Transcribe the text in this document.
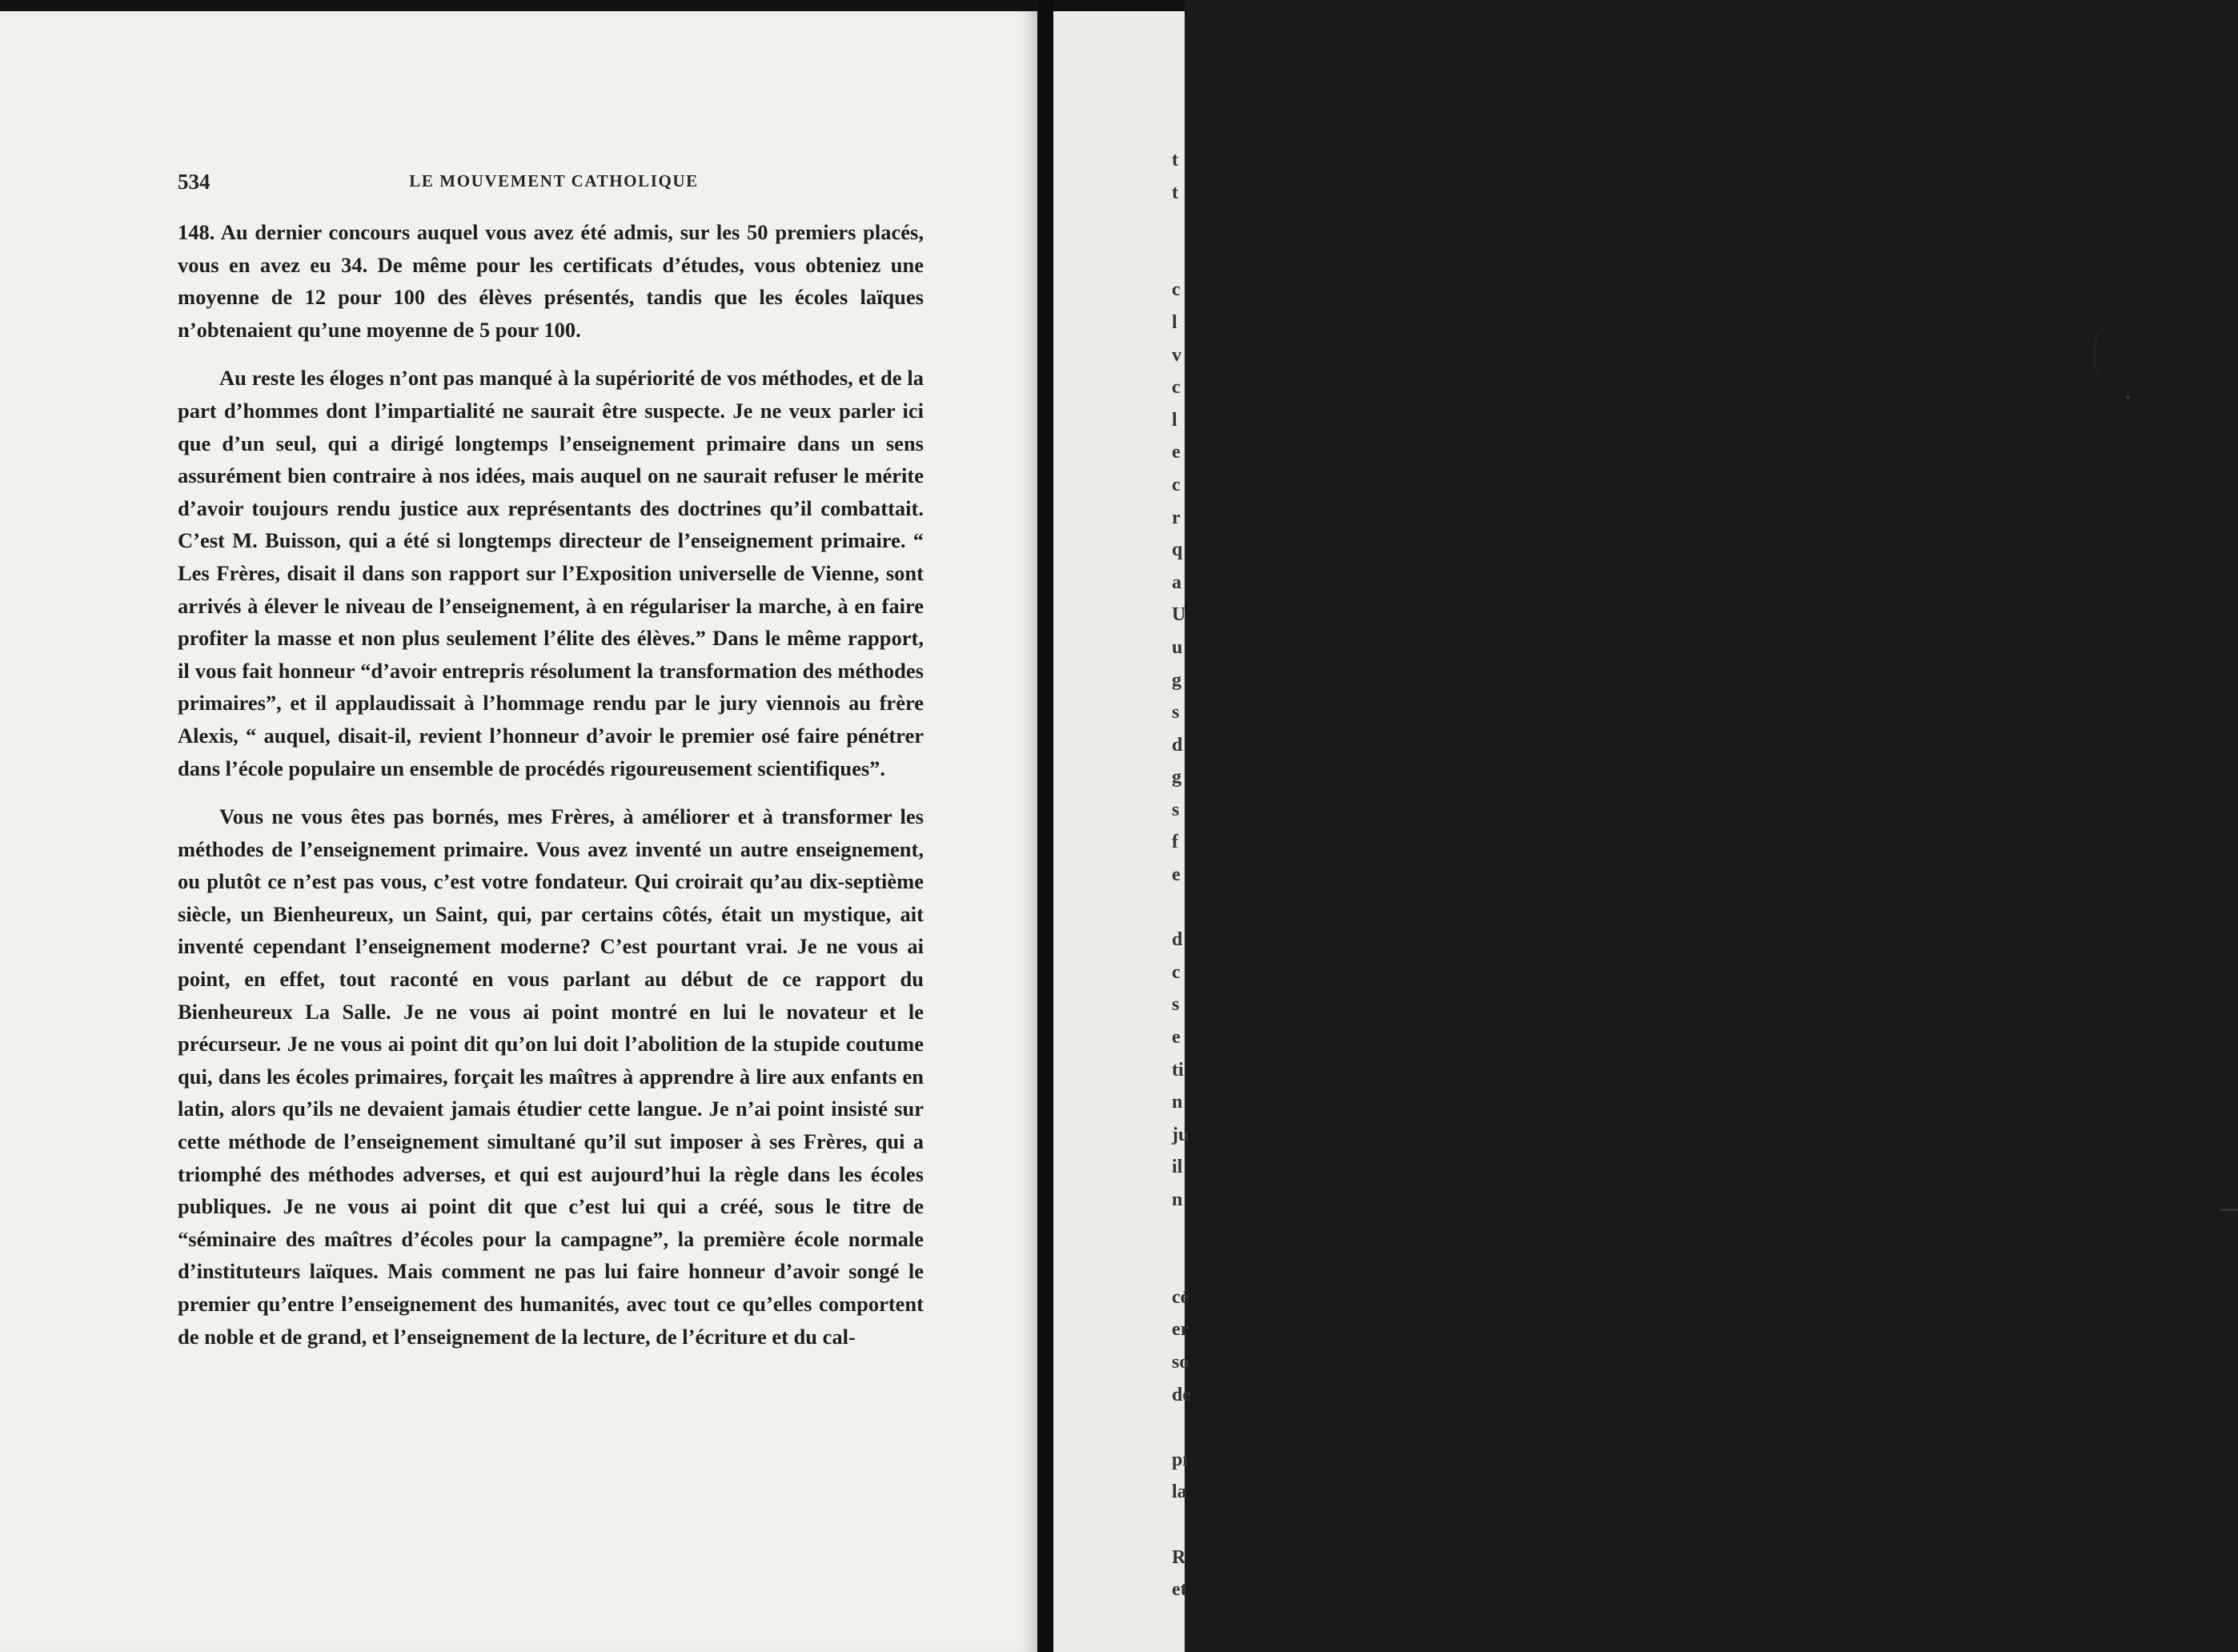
534	LE MOUVEMENT CATHOLIQUE

148. Au dernier concours auquel vous avez été admis, sur les 50 premiers placés, vous en avez eu 34. De même pour les certificats d’études, vous obteniez une moyenne de 12 pour 100 des élèves présentés, tandis que les écoles laïques n’obtenaient qu’une moyenne de 5 pour 100.

Au reste les éloges n’ont pas manqué à la supériorité de vos méthodes, et de la part d’hommes dont l’impartialité ne saurait être suspecte. Je ne veux parler ici que d’un seul, qui a dirigé longtemps l’enseignement primaire dans un sens assurément bien contraire à nos idées, mais auquel on ne saurait refuser le mérite d’avoir toujours rendu justice aux représentants des doctrines qu’il combattait. C’est M. Buisson, qui a été si longtemps directeur de l’enseignement primaire. “ Les Frères, disait il dans son rapport sur l’Exposition universelle de Vienne, sont arrivés à élever le niveau de l’enseignement, à en régulariser la marche, à en faire profiter la masse et non plus seulement l’élite des élèves.” Dans le même rapport, il vous fait honneur “d’avoir entrepris résolument la transformation des méthodes primaires”, et il applaudissait à l’hommage rendu par le jury viennois au frère Alexis, “ auquel, disait-il, revient l’honneur d’avoir le premier osé faire pénétrer dans l’école populaire un ensemble de procédés rigoureusement scientifiques”.

Vous ne vous êtes pas bornés, mes Frères, à améliorer et à transformer les méthodes de l’enseignement primaire. Vous avez inventé un autre enseignement, ou plutôt ce n’est pas vous, c’est votre fondateur. Qui croirait qu’au dix-septième siècle, un Bienheureux, un Saint, qui, par certains côtés, était un mystique, ait inventé cependant l’enseignement moderne? C’est pourtant vrai. Je ne vous ai point, en effet, tout raconté en vous parlant au début de ce rapport du Bienheureux La Salle. Je ne vous ai point montré en lui le novateur et le précurseur. Je ne vous ai point dit qu’on lui doit l’abolition de la stupide coutume qui, dans les écoles primaires, forçait les maîtres à apprendre à lire aux enfants en latin, alors qu’ils ne devaient jamais étudier cette langue. Je n’ai point insisté sur cette méthode de l’enseignement simultané qu’il sut imposer à ses Frères, qui a triomphé des méthodes adverses, et qui est aujourd’hui la règle dans les écoles publiques. Je ne vous ai point dit que c’est lui qui a créé, sous le titre de “séminaire des maîtres d’écoles pour la campagne”, la première école normale d’instituteurs laïques. Mais comment ne pas lui faire honneur d’avoir songé le premier qu’entre l’enseignement des humanités, avec tout ce qu’elles comportent de noble et de grand, et l’enseignement de la lecture, de l’écriture et du cal-

t
t
c
l
v
c
l
e
c
r
q
a
U
u
g
s
d
g
s
f
e
d
c
s
e
ti
n
ju
il
n
cé
er
so
de
pı
la
R
et
